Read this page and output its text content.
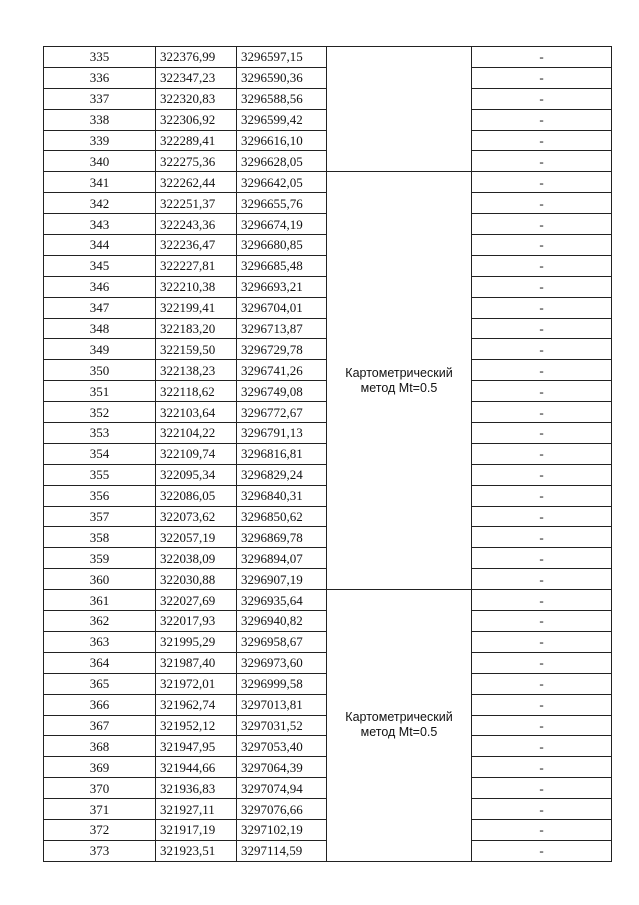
335	322376,99	3296597,15		-
336	322347,23	3296590,36		-
337	322320,83	3296588,56		-
338	322306,92	3296599,42		-
339	322289,41	3296616,10		-
340	322275,36	3296628,05		-
341	322262,44	3296642,05	Картометрический метод Mt=0.5	-
342	322251,37	3296655,76		-
343	322243,36	3296674,19		-
344	322236,47	3296680,85		-
345	322227,81	3296685,48		-
346	322210,38	3296693,21		-
347	322199,41	3296704,01		-
348	322183,20	3296713,87		-
349	322159,50	3296729,78		-
350	322138,23	3296741,26		-
351	322118,62	3296749,08		-
352	322103,64	3296772,67		-
353	322104,22	3296791,13		-
354	322109,74	3296816,81		-
355	322095,34	3296829,24		-
356	322086,05	3296840,31		-
357	322073,62	3296850,62		-
358	322057,19	3296869,78		-
359	322038,09	3296894,07		-
360	322030,88	3296907,19		-
361	322027,69	3296935,64	Картометрический метод Mt=0.5	-
362	322017,93	3296940,82		-
363	321995,29	3296958,67		-
364	321987,40	3296973,60		-
365	321972,01	3296999,58		-
366	321962,74	3297013,81		-
367	321952,12	3297031,52		-
368	321947,95	3297053,40		-
369	321944,66	3297064,39		-
370	321936,83	3297074,94		-
371	321927,11	3297076,66		-
372	321917,19	3297102,19		-
373	321923,51	3297114,59		-
